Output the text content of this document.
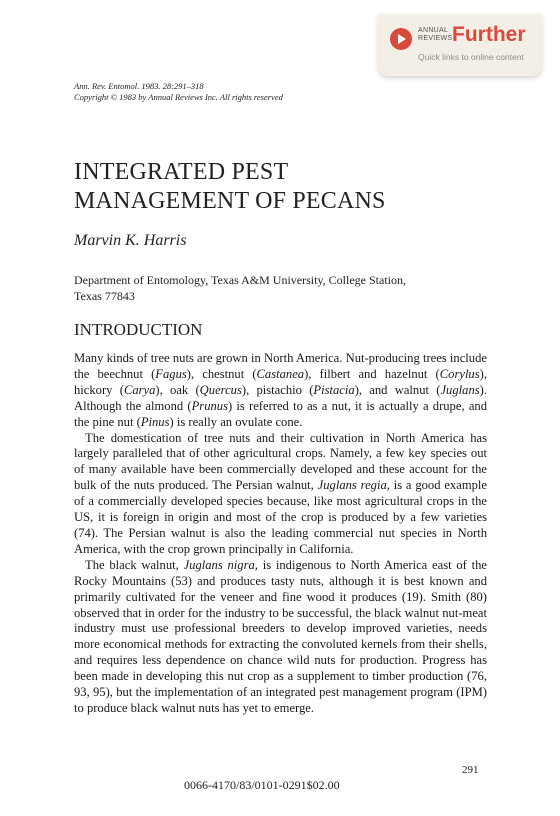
ANNUAL
REVIEWS Further
Quick links to online content
Ann. Rev. Entomol. 1983. 28:291–318
Copyright © 1983 by Annual Reviews Inc. All rights reserved
INTEGRATED PEST
MANAGEMENT OF PECANS
Marvin K. Harris
Department of Entomology, Texas A&M University, College Station,
Texas 77843
INTRODUCTION

Many kinds of tree nuts are grown in North America. Nut-producing trees include the beechnut (Fagus), chestnut (Castanea), filbert and hazelnut (Corylus), hickory (Carya), oak (Quercus), pistachio (Pistacia), and walnut (Juglans). Although the almond (Prunus) is referred to as a nut, it is actually a drupe, and the pine nut (Pinus) is really an ovulate cone.

The domestication of tree nuts and their cultivation in North America has largely paralleled that of other agricultural crops. Namely, a few key species out of many available have been commercially developed and these account for the bulk of the nuts produced. The Persian walnut, Juglans regia, is a good example of a commercially developed species because, like most agricultural crops in the US, it is foreign in origin and most of the crop is produced by a few varieties (74). The Persian walnut is also the leading commercial nut species in North America, with the crop grown principally in California.

The black walnut, Juglans nigra, is indigenous to North America east of the Rocky Mountains (53) and produces tasty nuts, although it is best known and primarily cultivated for the veneer and fine wood it produces (19). Smith (80) observed that in order for the industry to be successful, the black walnut nut-meat industry must use professional breeders to develop improved varieties, needs more economical methods for extracting the convoluted kernels from their shells, and requires less dependence on chance wild nuts for production. Progress has been made in developing this nut crop as a supplement to timber production (76, 93, 95), but the implementation of an integrated pest management program (IPM) to produce black walnut nuts has yet to emerge.

291
0066-4170/83/0101-0291$02.00
